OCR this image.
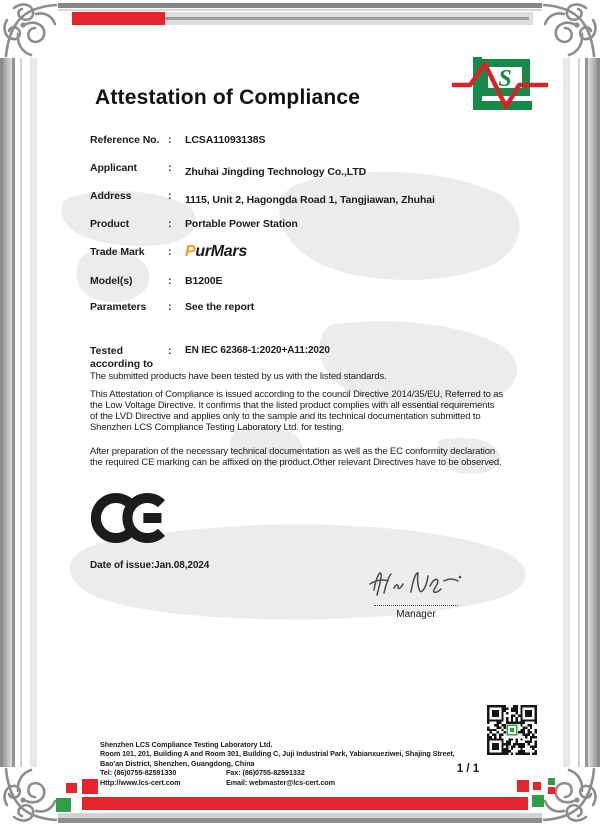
S
Attestation of Compliance
Reference No. : LCSA11093138S
Applicant	: Zhuhai Jingding Technology Co.,LTD
Address	: 1115, Unit 2, Hagongda Road 1, Tangjiawan, Zhuhai
Product	: Portable Power Station
Trade Mark : PurMars
Model(s)	: B1200E
Parameters : See the report
Tested
according to
: EN IEC 62368-1:2020+A11:2020
The submitted products have been tested by us with the listed standards.
This Attestation of Compliance is issued according to the council Directive 2014/35/EU, Referred to as the Low Voltage Directive. It confirms that the listed product complies with all essential requirements of the LVD Directive and applies only to the sample and its technical documentation submitted to Shenzhen LCS Compliance Testing Laboratory Ltd. for testing.
After preparation of the necessary technical documentation as well as the EC conformity declaration the required CE marking can be affixed on the product.Other relevant Directives have to be observed.
Date of issue:Jan.08,2024
Manager
Shenzhen LCS Compliance Testing Laboratory Ltd.
Room 101, 201, Building A and Room 301, Building C, Juji Industrial Park, Yabianxueziwei, Shajing Street,
Bao'an District, Shenzhen, Guangdong, China
Tel: (86)0755-82591330	Fax: (86)0755-82591332
Http://www.lcs-cert.com	Email: webmaster@lcs-cert.com
1 / 1
